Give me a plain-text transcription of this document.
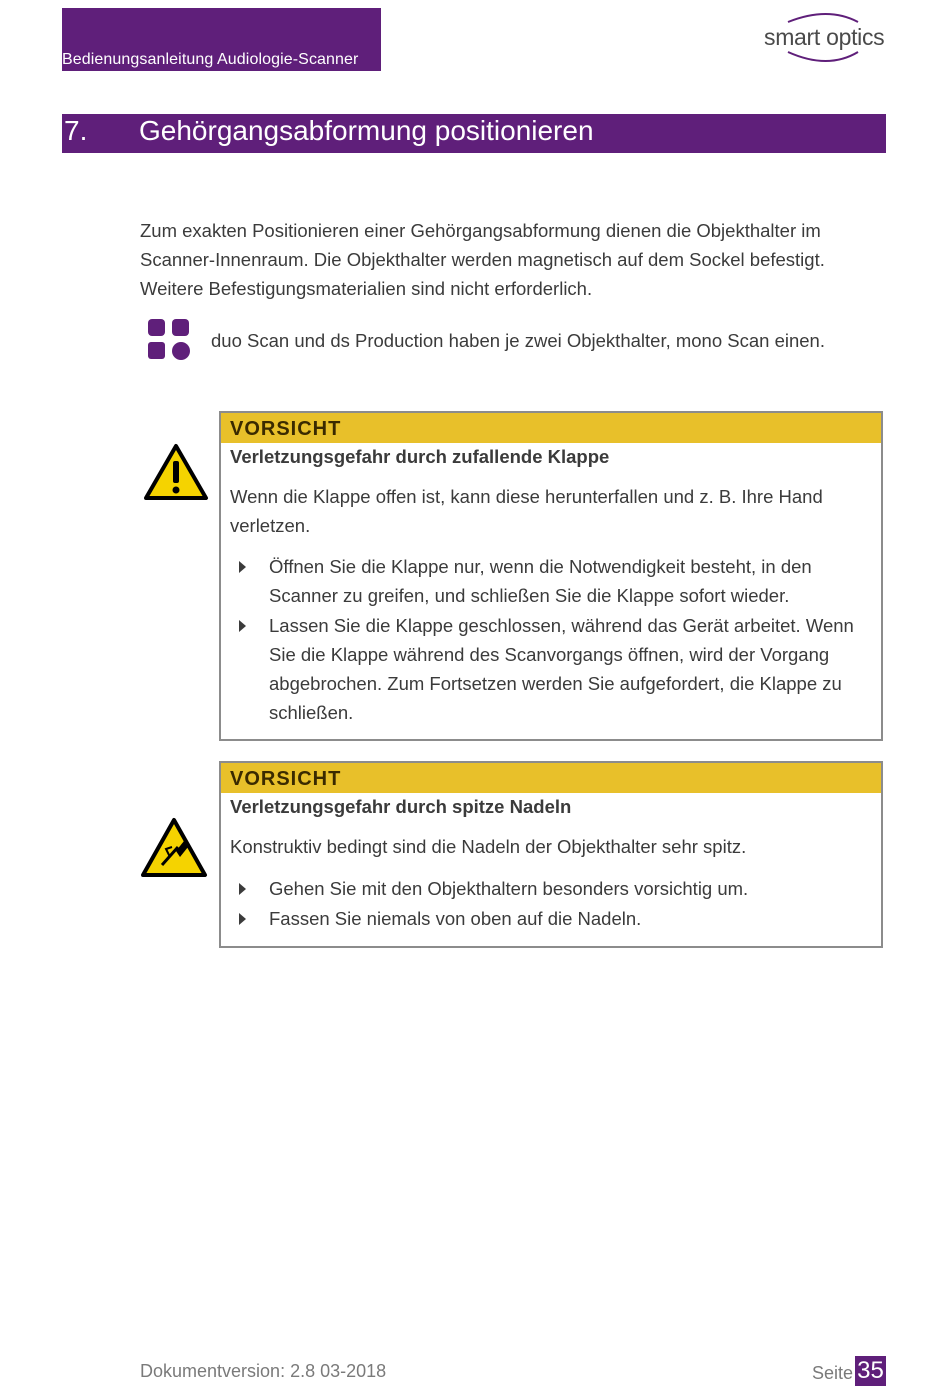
Bedienungsanleitung Audiologie-Scanner
smart optics
7. Gehörgangsabformung positionieren

Zum exakten Positionieren einer Gehörgangsabformung dienen die Objekthalter im Scanner-Innenraum. Die Objekthalter werden magnetisch auf dem Sockel befestigt. Weitere Befestigungsmaterialien sind nicht erforderlich.

duo Scan und ds Production haben je zwei Objekthalter, mono Scan einen.
VORSICHT
Verletzungsgefahr durch zufallende Klappe
Wenn die Klappe offen ist, kann diese herunterfallen und z. B. Ihre Hand verletzen.
Öffnen Sie die Klappe nur, wenn die Notwendigkeit besteht, in den Scanner zu greifen, und schließen Sie die Klappe sofort wieder.
Lassen Sie die Klappe geschlossen, während das Gerät arbeitet. Wenn Sie die Klappe während des Scanvorgangs öffnen, wird der Vorgang abgebrochen. Zum Fortsetzen werden Sie aufgefordert, die Klappe zu schließen.
VORSICHT
Verletzungsgefahr durch spitze Nadeln
Konstruktiv bedingt sind die Nadeln der Objekthalter sehr spitz.
Gehen Sie mit den Objekthaltern besonders vorsichtig um.
Fassen Sie niemals von oben auf die Nadeln.
Dokumentversion: 2.8 03-2018	Seite 35
